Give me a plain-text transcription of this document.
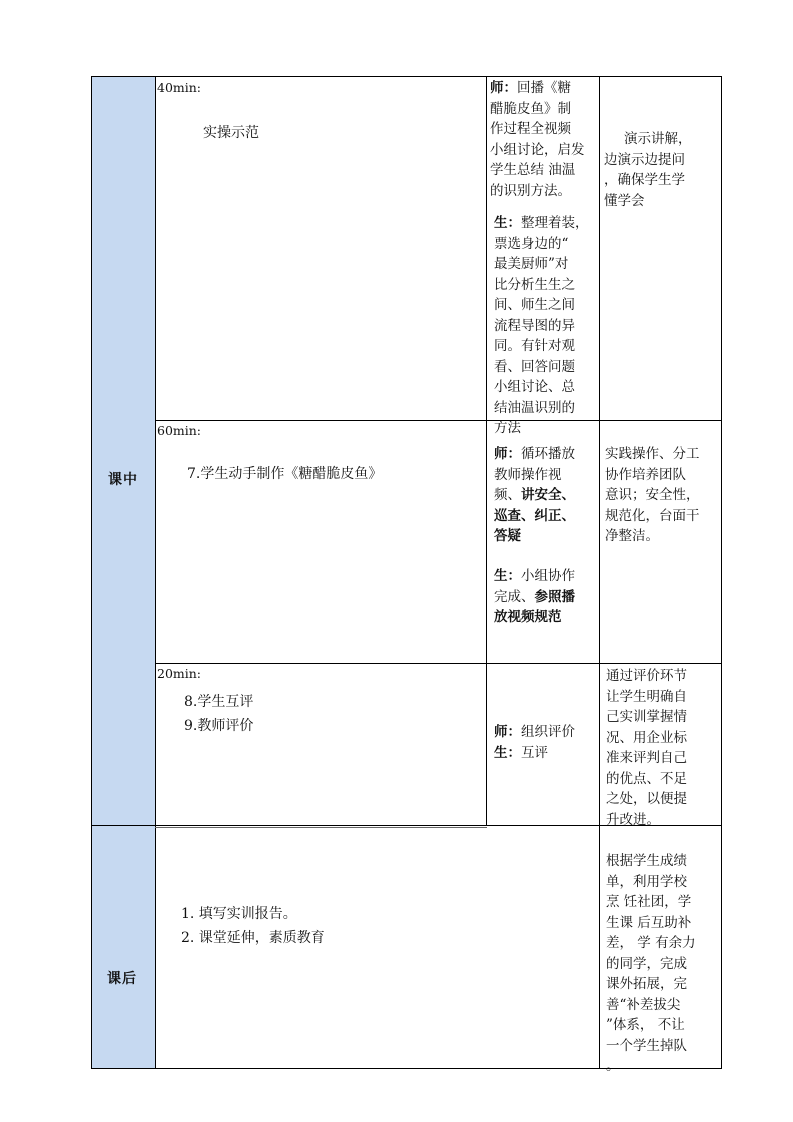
课中
课后
40min:
实操示范
师：回播《糖
醋脆皮鱼》制
作过程全视频
小组讨论，启发
学生总结 油温
的识别方法。
生：整理着装，
票选身边的“
最美厨师”对
比分析生生之
间、师生之间
流程导图的异
同。有针对观
看、回答问题
小组讨论、总
结油温识别的
方法
演示讲解，
边演示边提问
，确保学生学
懂学会
60min:
7.学生动手制作《糖醋脆皮鱼》
师：循环播放
教师操作视
频、讲安全、
巡查、纠正、
答疑
生：小组协作
完成、参照播
放视频规范
实践操作、分工
协作培养团队
意识；安全性，
规范化，台面干
净整洁。
20min:
8.学生互评
9.教师评价	师：组织评价
生：互评
通过评价环节
让学生明确自
己实训掌握情
况、用企业标
准来评判自己
的优点、不足
之处，以便提
升改进。
1. 填写实训报告。
2. 课堂延伸，素质教育
根据学生成绩
单，利用学校
烹 饪社团，学
生课 后互助补
差， 学 有余力
的同学，完成
课外拓展，完
善“补差拔尖
”体系， 不让
一个学生掉队
。
